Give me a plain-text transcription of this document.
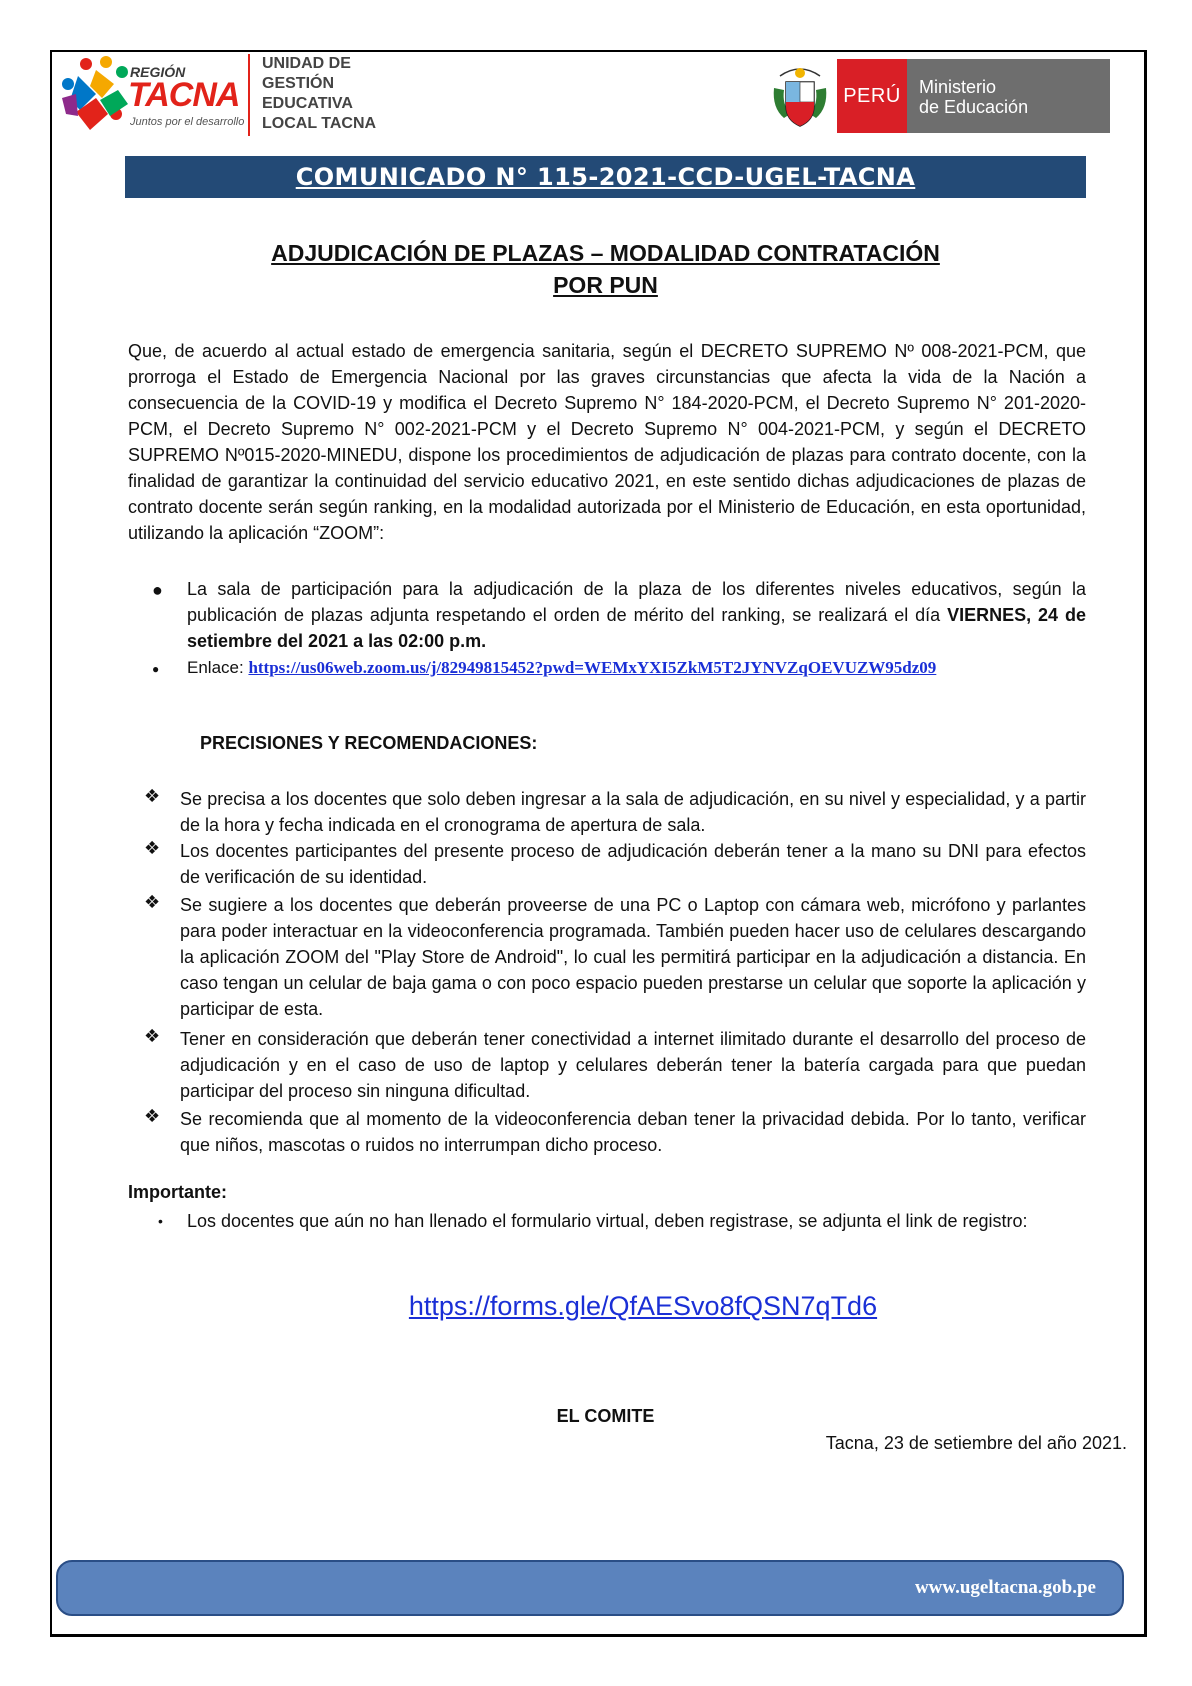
REGIÓN
TACNA
Juntos por el desarrollo
UNIDAD DE
GESTIÓN
EDUCATIVA
LOCAL TACNA
PERÚ	Ministerio
de Educación
COMUNICADO N° 115-2021-CCD-UGEL-TACNA
ADJUDICACIÓN DE PLAZAS – MODALIDAD CONTRATACIÓN
POR PUN
Que, de acuerdo al actual estado de emergencia sanitaria, según el DECRETO SUPREMO Nº 008-2021-PCM, que prorroga el Estado de Emergencia Nacional por las graves circunstancias que afecta la vida de la Nación a consecuencia de la COVID-19 y modifica el Decreto Supremo N° 184-2020-PCM, el Decreto Supremo N° 201-2020-PCM, el Decreto Supremo N° 002-2021-PCM y el Decreto Supremo N° 004-2021-PCM, y según el DECRETO SUPREMO Nº015-2020-MINEDU, dispone los procedimientos de adjudicación de plazas para contrato docente, con la finalidad de garantizar la continuidad del servicio educativo 2021, en este sentido dichas adjudicaciones de plazas de contrato docente serán según ranking, en la modalidad autorizada por el Ministerio de Educación, en esta oportunidad, utilizando la aplicación “ZOOM”:
● La sala de participación para la adjudicación de la plaza de los diferentes niveles educativos, según la publicación de plazas adjunta respetando el orden de mérito del ranking, se realizará el día VIERNES, 24 de setiembre del 2021 a las 02:00 p.m.
● Enlace: https://us06web.zoom.us/j/82949815452?pwd=WEMxYXI5ZkM5T2JYNVZqOEVUZW95dz09
PRECISIONES Y RECOMENDACIONES:
❖ Se precisa a los docentes que solo deben ingresar a la sala de adjudicación, en su nivel y especialidad, y a partir de la hora y fecha indicada en el cronograma de apertura de sala.
❖ Los docentes participantes del presente proceso de adjudicación deberán tener a la mano su DNI para efectos de verificación de su identidad.
❖ Se sugiere a los docentes que deberán proveerse de una PC o Laptop con cámara web, micrófono y parlantes para poder interactuar en la videoconferencia programada. También pueden hacer uso de celulares descargando la aplicación ZOOM del "Play Store de Android", lo cual les permitirá participar en la adjudicación a distancia. En caso tengan un celular de baja gama o con poco espacio pueden prestarse un celular que soporte la aplicación y participar de esta.
❖ Tener en consideración que deberán tener conectividad a internet ilimitado durante el desarrollo del proceso de adjudicación y en el caso de uso de laptop y celulares deberán tener la batería cargada para que puedan participar del proceso sin ninguna dificultad.
❖ Se recomienda que al momento de la videoconferencia deban tener la privacidad debida. Por lo tanto, verificar que niños, mascotas o ruidos no interrumpan dicho proceso.
Importante:
• Los docentes que aún no han llenado el formulario virtual, deben registrase, se adjunta el link de registro:
https://forms.gle/QfAESvo8fQSN7qTd6
EL COMITE
Tacna, 23 de setiembre del año 2021.
www.ugeltacna.gob.pe
